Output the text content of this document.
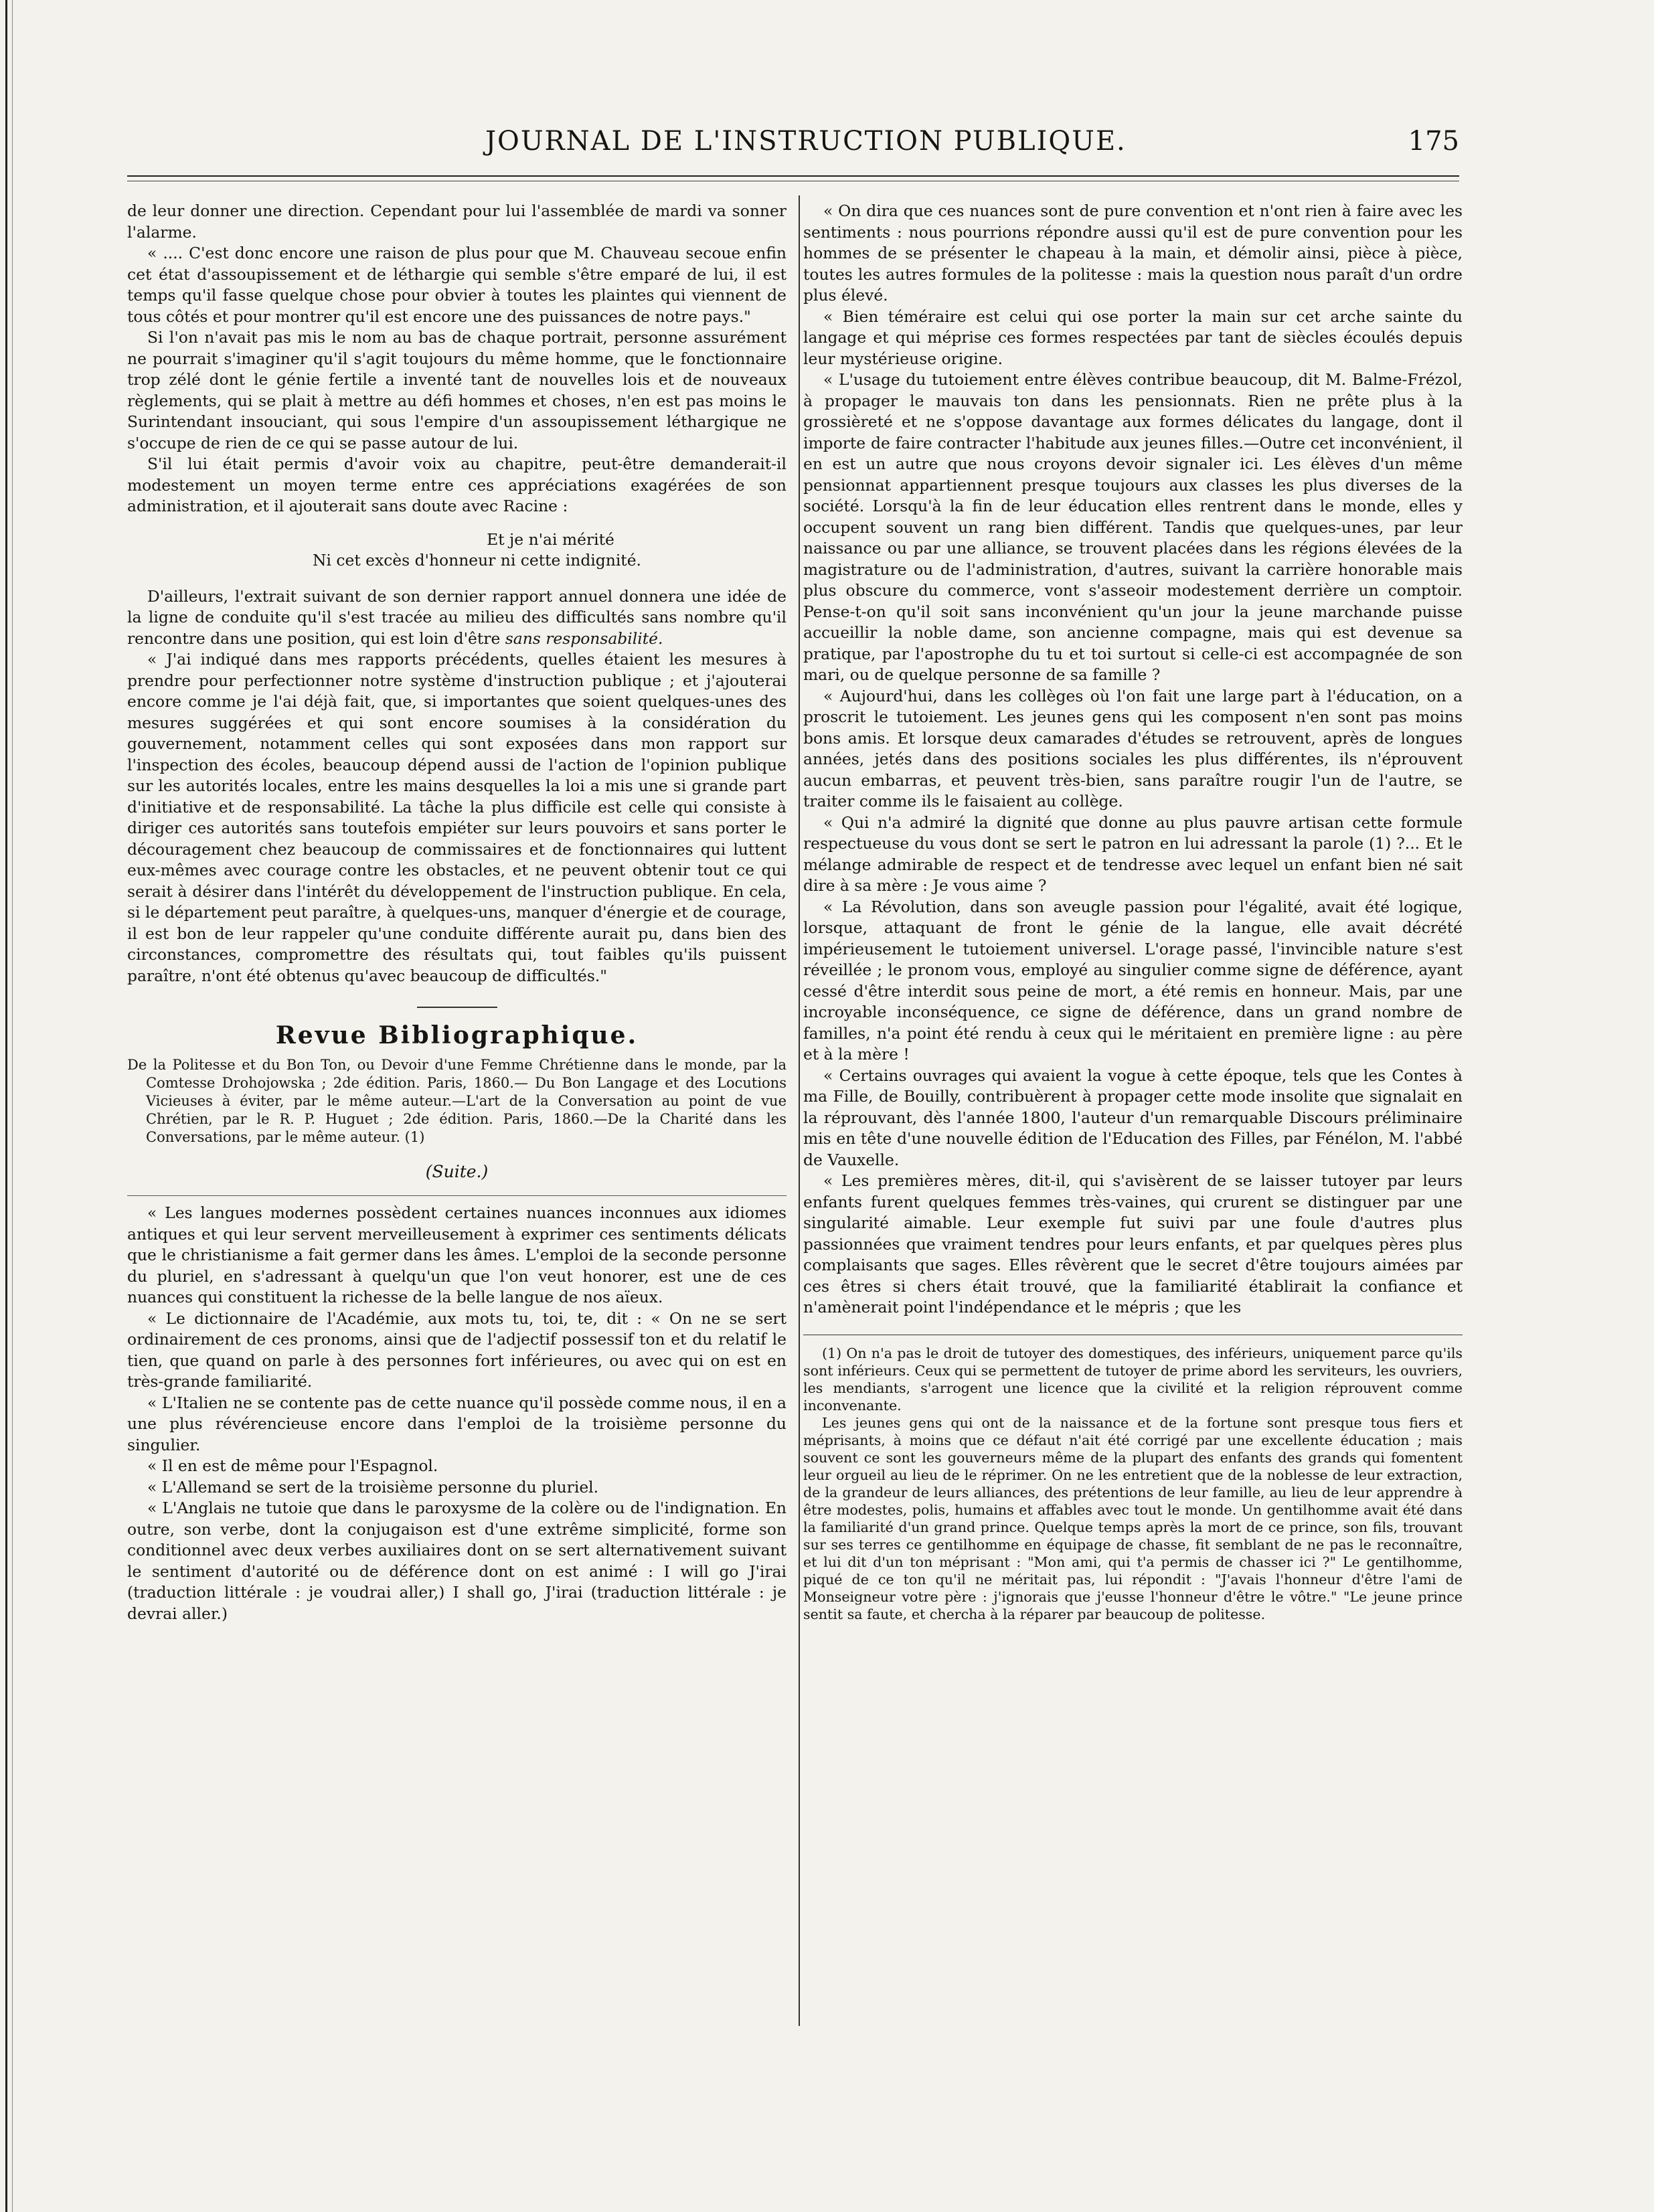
JOURNAL DE L'INSTRUCTION PUBLIQUE.	175

de leur donner une direction. Cependant pour lui l'assemblée de mardi va sonner l'alarme.

« .... C'est donc encore une raison de plus pour que M. Chauveau secoue enfin cet état d'assoupissement et de léthargie qui semble s'être emparé de lui, il est temps qu'il fasse quelque chose pour obvier à toutes les plaintes qui viennent de tous côtés et pour montrer qu'il est encore une des puissances de notre pays."

Si l'on n'avait pas mis le nom au bas de chaque portrait, personne assurément ne pourrait s'imaginer qu'il s'agit toujours du même homme, que le fonctionnaire trop zélé dont le génie fertile a inventé tant de nouvelles lois et de nouveaux règlements, qui se plait à mettre au défi hommes et choses, n'en est pas moins le Surintendant insouciant, qui sous l'empire d'un assoupissement léthargique ne s'occupe de rien de ce qui se passe autour de lui.

S'il lui était permis d'avoir voix au chapitre, peut-être demanderait-il modestement un moyen terme entre ces appréciations exagérées de son administration, et il ajouterait sans doute avec Racine :

Et je n'ai mérité
Ni cet excès d'honneur ni cette indignité.

D'ailleurs, l'extrait suivant de son dernier rapport annuel donnera une idée de la ligne de conduite qu'il s'est tracée au milieu des difficultés sans nombre qu'il rencontre dans une position, qui est loin d'être sans responsabilité.

« J'ai indiqué dans mes rapports précédents, quelles étaient les mesures à prendre pour perfectionner notre système d'instruction publique ; et j'ajouterai encore comme je l'ai déjà fait, que, si importantes que soient quelques-unes des mesures suggérées et qui sont encore soumises à la considération du gouvernement, notamment celles qui sont exposées dans mon rapport sur l'inspection des écoles, beaucoup dépend aussi de l'action de l'opinion publique sur les autorités locales, entre les mains desquelles la loi a mis une si grande part d'initiative et de responsabilité. La tâche la plus difficile est celle qui consiste à diriger ces autorités sans toutefois empiéter sur leurs pouvoirs et sans porter le découragement chez beaucoup de commissaires et de fonctionnaires qui luttent eux-mêmes avec courage contre les obstacles, et ne peuvent obtenir tout ce qui serait à désirer dans l'intérêt du développement de l'instruction publique. En cela, si le département peut paraître, à quelques-uns, manquer d'énergie et de courage, il est bon de leur rappeler qu'une conduite différente aurait pu, dans bien des circonstances, compromettre des résultats qui, tout faibles qu'ils puissent paraître, n'ont été obtenus qu'avec beaucoup de difficultés."

Revue Bibliographique.

De la Politesse et du Bon Ton, ou Devoir d'une Femme Chrétienne dans le monde, par la Comtesse Drohojowska ; 2de édition. Paris, 1860.— Du Bon Langage et des Locutions Vicieuses à éviter, par le même auteur.—L'art de la Conversation au point de vue Chrétien, par le R. P. Huguet ; 2de édition. Paris, 1860.—De la Charité dans les Conversations, par le même auteur. (1)

(Suite.)

« Les langues modernes possèdent certaines nuances inconnues aux idiomes antiques et qui leur servent merveilleusement à exprimer ces sentiments délicats que le christianisme a fait germer dans les âmes. L'emploi de la seconde personne du pluriel, en s'adressant à quelqu'un que l'on veut honorer, est une de ces nuances qui constituent la richesse de la belle langue de nos aïeux.

« Le dictionnaire de l'Académie, aux mots tu, toi, te, dit : « On ne se sert ordinairement de ces pronoms, ainsi que de l'adjectif possessif ton et du relatif le tien, que quand on parle à des personnes fort inférieures, ou avec qui on est en très-grande familiarité.

« L'Italien ne se contente pas de cette nuance qu'il possède comme nous, il en a une plus révérencieuse encore dans l'emploi de la troisième personne du singulier.

« Il en est de même pour l'Espagnol.

« L'Allemand se sert de la troisième personne du pluriel.

« L'Anglais ne tutoie que dans le paroxysme de la colère ou de l'indignation. En outre, son verbe, dont la conjugaison est d'une extrême simplicité, forme son conditionnel avec deux verbes auxiliaires dont on se sert alternativement suivant le sentiment d'autorité ou de déférence dont on est animé : I will go J'irai (traduction littérale : je voudrai aller,) I shall go, J'irai (traduction littérale : je devrai aller.)

« On dira que ces nuances sont de pure convention et n'ont rien à faire avec les sentiments : nous pourrions répondre aussi qu'il est de pure convention pour les hommes de se présenter le chapeau à la main, et démolir ainsi, pièce à pièce, toutes les autres formules de la politesse : mais la question nous paraît d'un ordre plus élevé.

« Bien téméraire est celui qui ose porter la main sur cet arche sainte du langage et qui méprise ces formes respectées par tant de siècles écoulés depuis leur mystérieuse origine.

« L'usage du tutoiement entre élèves contribue beaucoup, dit M. Balme-Frézol, à propager le mauvais ton dans les pensionnats. Rien ne prête plus à la grossièreté et ne s'oppose davantage aux formes délicates du langage, dont il importe de faire contracter l'habitude aux jeunes filles.—Outre cet inconvénient, il en est un autre que nous croyons devoir signaler ici. Les élèves d'un même pensionnat appartiennent presque toujours aux classes les plus diverses de la société. Lorsqu'à la fin de leur éducation elles rentrent dans le monde, elles y occupent souvent un rang bien différent. Tandis que quelques-unes, par leur naissance ou par une alliance, se trouvent placées dans les régions élevées de la magistrature ou de l'administration, d'autres, suivant la carrière honorable mais plus obscure du commerce, vont s'asseoir modestement derrière un comptoir. Pense-t-on qu'il soit sans inconvénient qu'un jour la jeune marchande puisse accueillir la noble dame, son ancienne compagne, mais qui est devenue sa pratique, par l'apostrophe du tu et toi surtout si celle-ci est accompagnée de son mari, ou de quelque personne de sa famille ?

« Aujourd'hui, dans les collèges où l'on fait une large part à l'éducation, on a proscrit le tutoiement. Les jeunes gens qui les composent n'en sont pas moins bons amis. Et lorsque deux camarades d'études se retrouvent, après de longues années, jetés dans des positions sociales les plus différentes, ils n'éprouvent aucun embarras, et peuvent très-bien, sans paraître rougir l'un de l'autre, se traiter comme ils le faisaient au collège.

« Qui n'a admiré la dignité que donne au plus pauvre artisan cette formule respectueuse du vous dont se sert le patron en lui adressant la parole (1) ?... Et le mélange admirable de respect et de tendresse avec lequel un enfant bien né sait dire à sa mère : Je vous aime ?

« La Révolution, dans son aveugle passion pour l'égalité, avait été logique, lorsque, attaquant de front le génie de la langue, elle avait décrété impérieusement le tutoiement universel. L'orage passé, l'invincible nature s'est réveillée ; le pronom vous, employé au singulier comme signe de déférence, ayant cessé d'être interdit sous peine de mort, a été remis en honneur. Mais, par une incroyable inconséquence, ce signe de déférence, dans un grand nombre de familles, n'a point été rendu à ceux qui le méritaient en première ligne : au père et à la mère !

« Certains ouvrages qui avaient la vogue à cette époque, tels que les Contes à ma Fille, de Bouilly, contribuèrent à propager cette mode insolite que signalait en la réprouvant, dès l'année 1800, l'auteur d'un remarquable Discours préliminaire mis en tête d'une nouvelle édition de l'Education des Filles, par Fénélon, M. l'abbé de Vauxelle.

« Les premières mères, dit-il, qui s'avisèrent de se laisser tutoyer par leurs enfants furent quelques femmes très-vaines, qui crurent se distinguer par une singularité aimable. Leur exemple fut suivi par une foule d'autres plus passionnées que vraiment tendres pour leurs enfants, et par quelques pères plus complaisants que sages. Elles rêvèrent que le secret d'être toujours aimées par ces êtres si chers était trouvé, que la familiarité établirait la confiance et n'amènerait point l'indépendance et le mépris ; que les

(1) On n'a pas le droit de tutoyer des domestiques, des inférieurs, uniquement parce qu'ils sont inférieurs. Ceux qui se permettent de tutoyer de prime abord les serviteurs, les ouvriers, les mendiants, s'arrogent une licence que la civilité et la religion réprouvent comme inconvenante.

Les jeunes gens qui ont de la naissance et de la fortune sont presque tous fiers et méprisants, à moins que ce défaut n'ait été corrigé par une excellente éducation ; mais souvent ce sont les gouverneurs même de la plupart des enfants des grands qui fomentent leur orgueil au lieu de le réprimer. On ne les entretient que de la noblesse de leur extraction, de la grandeur de leurs alliances, des prétentions de leur famille, au lieu de leur apprendre à être modestes, polis, humains et affables avec tout le monde. Un gentilhomme avait été dans la familiarité d'un grand prince. Quelque temps après la mort de ce prince, son fils, trouvant sur ses terres ce gentilhomme en équipage de chasse, fit semblant de ne pas le reconnaître, et lui dit d'un ton méprisant : "Mon ami, qui t'a permis de chasser ici ?" Le gentilhomme, piqué de ce ton qu'il ne méritait pas, lui répondit : "J'avais l'honneur d'être l'ami de Monseigneur votre père : j'ignorais que j'eusse l'honneur d'être le vôtre." "Le jeune prince sentit sa faute, et chercha à la réparer par beaucoup de politesse.
